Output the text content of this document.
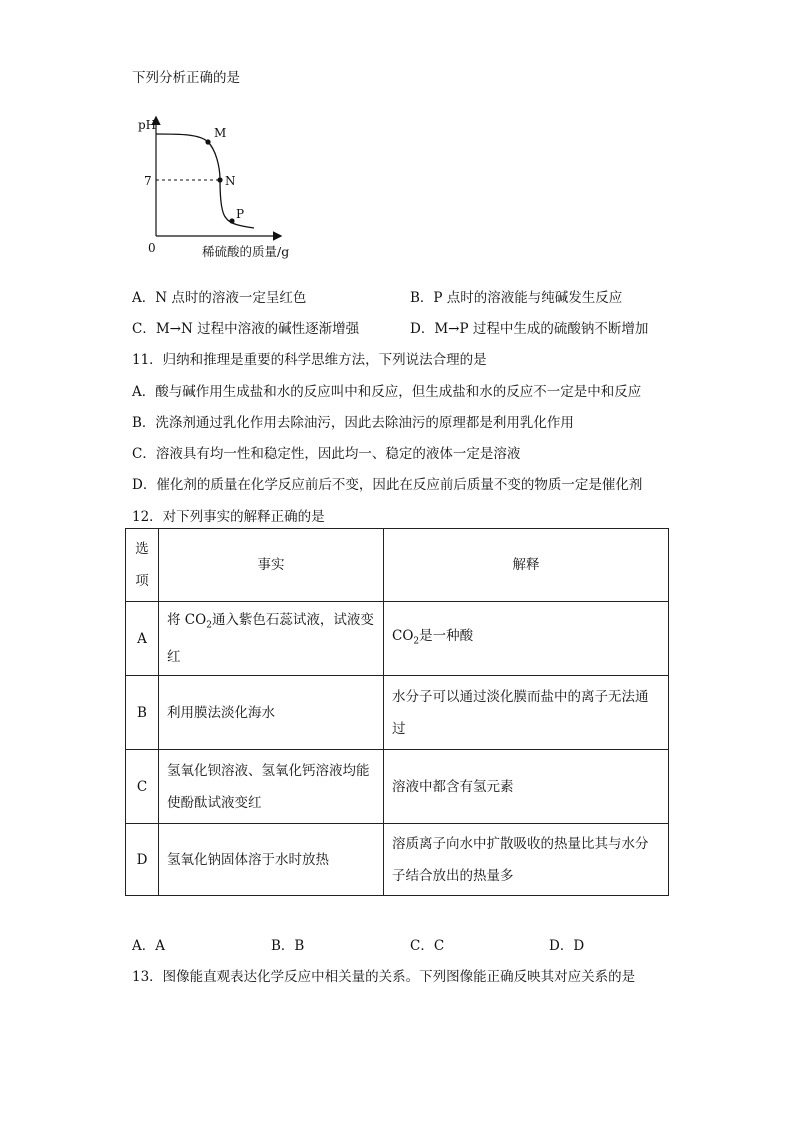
下列分析正确的是
pH
7
0
M
N
P
稀硫酸的质量/g
A．N 点时的溶液一定呈红色	B．P 点时的溶液能与纯碱发生反应
C．M→N 过程中溶液的碱性逐渐增强	D．M→P 过程中生成的硫酸钠不断增加
11．归纳和推理是重要的科学思维方法，下列说法合理的是
A．酸与碱作用生成盐和水的反应叫中和反应，但生成盐和水的反应不一定是中和反应
B．洗涤剂通过乳化作用去除油污，因此去除油污的原理都是利用乳化作用
C．溶液具有均一性和稳定性，因此均一、稳定的液体一定是溶液
D．催化剂的质量在化学反应前后不变，因此在反应前后质量不变的物质一定是催化剂
12．对下列事实的解释正确的是
选项	事实	解释
A	将 $CO_2$通入紫色石蕊试液，试液变红	$CO_2$是一种酸
B	利用膜法淡化海水	水分子可以通过淡化膜而盐中的离子无法通过
C	氢氧化钡溶液、氢氧化钙溶液均能使酚酞试液变红	溶液中都含有氢元素
D	氢氧化钠固体溶于水时放热	溶质离子向水中扩散吸收的热量比其与水分子结合放出的热量多
A．A	B．B	C．C	D．D
13．图像能直观表达化学反应中相关量的关系。下列图像能正确反映其对应关系的是
